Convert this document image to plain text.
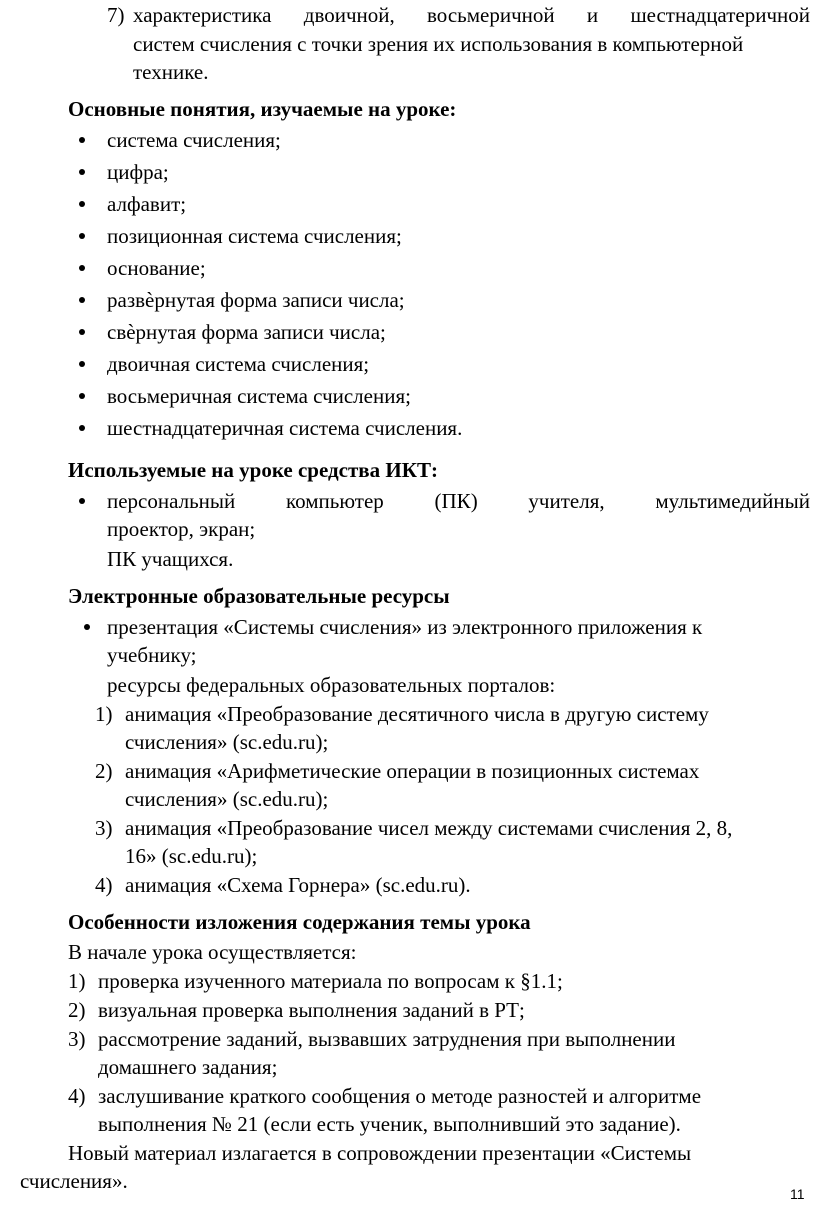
7) характеристика двоичной, восьмеричной и шестнадцатеричной
систем счисления с точки зрения их использования в компьютерной
технике.
Основные понятия, изучаемые на уроке:
система счисления;
цифра;
алфавит;
позиционная система счисления;
основание;
развѐрнутая форма записи числа;
свѐрнутая форма записи числа;
двоичная система счисления;
восьмеричная система счисления;
шестнадцатеричная система счисления.
Используемые на уроке средства ИКТ:
персональный компьютер (ПК) учителя, мультимедийный
проектор, экран;
ПК учащихся.
Электронные образовательные ресурсы
презентация «Системы счисления» из электронного приложения к
учебнику;
ресурсы федеральных образовательных порталов:
1) анимация «Преобразование десятичного числа в другую систему
счисления» (sc.edu.ru);
2) анимация «Арифметические операции в позиционных системах
счисления» (sc.edu.ru);
3) анимация «Преобразование чисел между системами счисления 2, 8,
16» (sc.edu.ru);
4) анимация «Схема Горнера» (sc.edu.ru).
Особенности изложения содержания темы урока
В начале урока осуществляется:
1) проверка изученного материала по вопросам к §1.1;
2) визуальная проверка выполнения заданий в РТ;
3) рассмотрение заданий, вызвавших затруднения при выполнении
домашнего задания;
4) заслушивание краткого сообщения о методе разностей и алгоритме
выполнения № 21 (если есть ученик, выполнивший это задание).
Новый материал излагается в сопровождении презентации «Системы
счисления».
11
